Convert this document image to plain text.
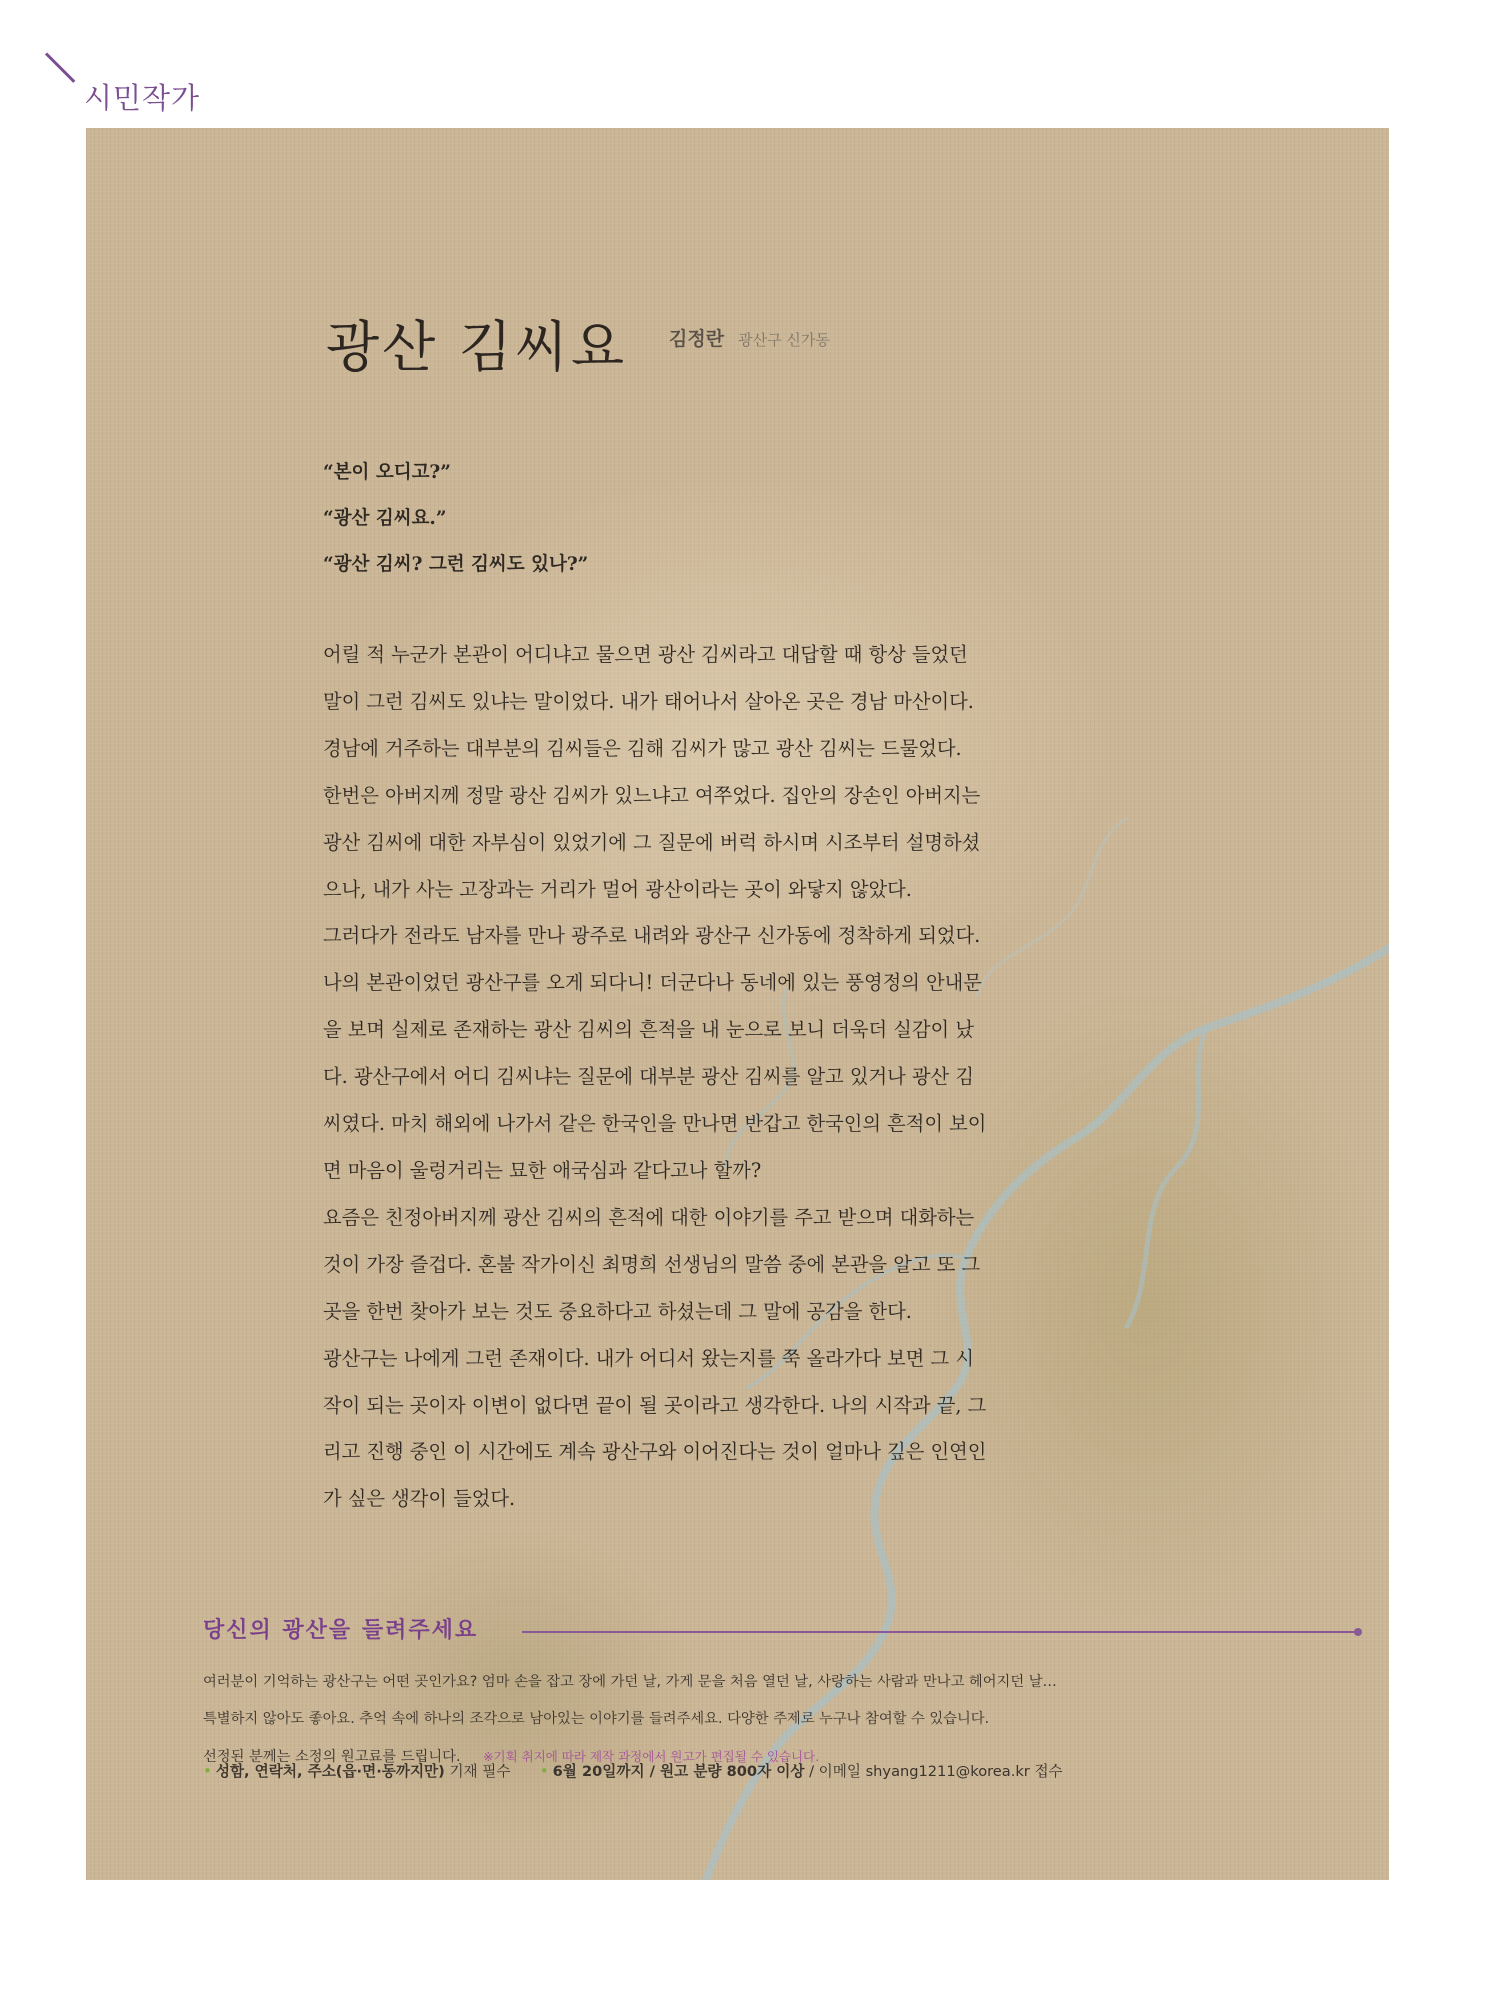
시민작가
광산 김씨요 김정란 광산구 신가동
“본이 오디고?”
“광산 김씨요.”
“광산 김씨? 그런 김씨도 있나?”
어릴 적 누군가 본관이 어디냐고 물으면 광산 김씨라고 대답할 때 항상 들었던
말이 그런 김씨도 있냐는 말이었다. 내가 태어나서 살아온 곳은 경남 마산이다.
경남에 거주하는 대부분의 김씨들은 김해 김씨가 많고 광산 김씨는 드물었다.
한번은 아버지께 정말 광산 김씨가 있느냐고 여쭈었다. 집안의 장손인 아버지는
광산 김씨에 대한 자부심이 있었기에 그 질문에 버럭 하시며 시조부터 설명하셨
으나, 내가 사는 고장과는 거리가 멀어 광산이라는 곳이 와닿지 않았다.
그러다가 전라도 남자를 만나 광주로 내려와 광산구 신가동에 정착하게 되었다.
나의 본관이었던 광산구를 오게 되다니! 더군다나 동네에 있는 풍영정의 안내문
을 보며 실제로 존재하는 광산 김씨의 흔적을 내 눈으로 보니 더욱더 실감이 났
다. 광산구에서 어디 김씨냐는 질문에 대부분 광산 김씨를 알고 있거나 광산 김
씨였다. 마치 해외에 나가서 같은 한국인을 만나면 반갑고 한국인의 흔적이 보이
면 마음이 울렁거리는 묘한 애국심과 같다고나 할까?
요즘은 친정아버지께 광산 김씨의 흔적에 대한 이야기를 주고 받으며 대화하는
것이 가장 즐겁다. 혼불 작가이신 최명희 선생님의 말씀 중에 본관을 알고 또 그
곳을 한번 찾아가 보는 것도 중요하다고 하셨는데 그 말에 공감을 한다.
광산구는 나에게 그런 존재이다. 내가 어디서 왔는지를 쭉 올라가다 보면 그 시
작이 되는 곳이자 이변이 없다면 끝이 될 곳이라고 생각한다. 나의 시작과 끝, 그
리고 진행 중인 이 시간에도 계속 광산구와 이어진다는 것이 얼마나 깊은 인연인
가 싶은 생각이 들었다.
당신의 광산을 들려주세요
여러분이 기억하는 광산구는 어떤 곳인가요? 엄마 손을 잡고 장에 가던 날, 가게 문을 처음 열던 날, 사랑하는 사람과 만나고 헤어지던 날…
특별하지 않아도 좋아요. 추억 속에 하나의 조각으로 남아있는 이야기를 들려주세요. 다양한 주제로 누구나 참여할 수 있습니다.
선정된 분께는 소정의 원고료를 드립니다. ※기획 취지에 따라 제작 과정에서 원고가 편집될 수 있습니다.
• 성함, 연락처, 주소(읍·면·동까지만) 기재 필수 • 6월 20일까지 / 원고 분량 800자 이상 / 이메일 shyang1211@korea.kr 접수
